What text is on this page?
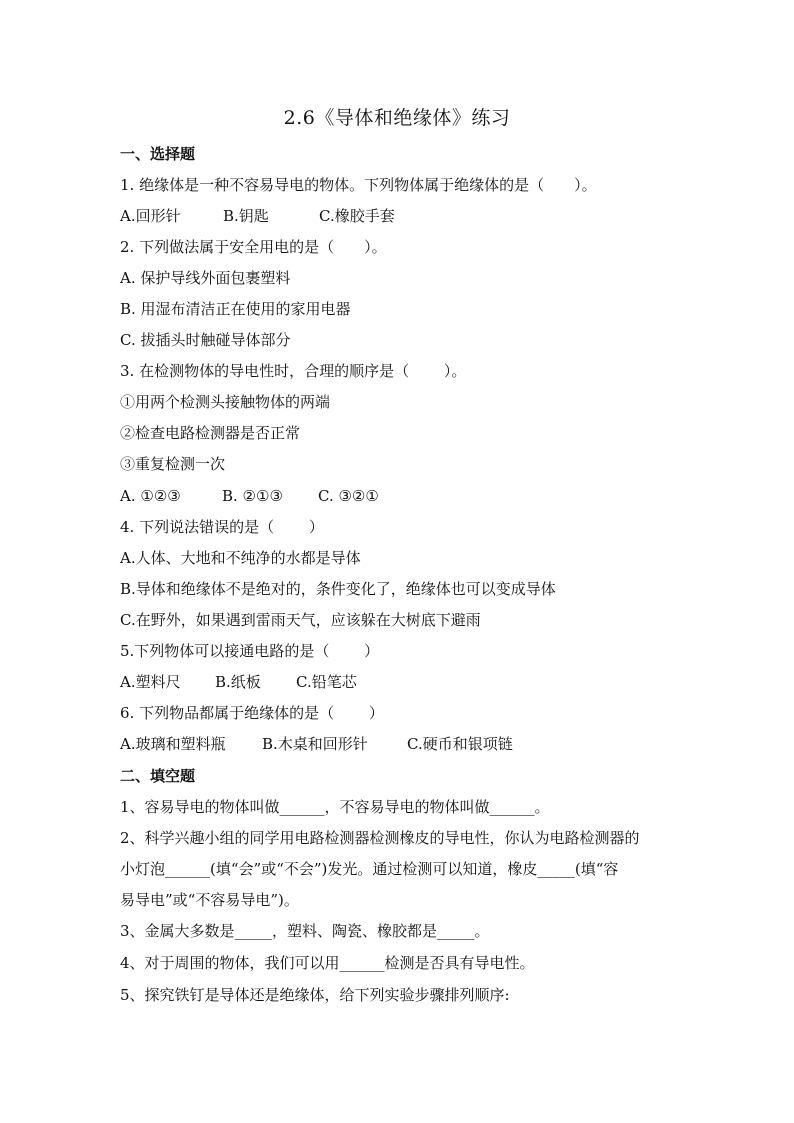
2.6《导体和绝缘体》练习
一、选择题
1. 绝缘体是一种不容易导电的物体。下列物体属于绝缘体的是（　　）。
A.回形针	B.钥匙	C.橡胶手套
2. 下列做法属于安全用电的是（　　）。
A. 保护导线外面包裹塑料
B. 用湿布清洁正在使用的家用电器
C. 拔插头时触碰导体部分
3. 在检测物体的导电性时，合理的顺序是（　　 ）。
①用两个检测头接触物体的两端
②检查电路检测器是否正常
③重复检测一次
A. ①②③	B. ②①③ C. ③②①
4. 下列说法错误的是（　　 ）
A.人体、大地和不纯净的水都是导体
B.导体和绝缘体不是绝对的，条件变化了，绝缘体也可以变成导体
C.在野外，如果遇到雷雨天气，应该躲在大树底下避雨
5.下列物体可以接通电路的是（　　 ）
A.塑料尺 B.纸板 C.铅笔芯
6. 下列物品都属于绝缘体的是（　　 ）
A.玻璃和塑料瓶 B.木桌和回形针	C.硬币和银项链
二、填空题
1、容易导电的物体叫做______，不容易导电的物体叫做______。
2、科学兴趣小组的同学用电路检测器检测橡皮的导电性，你认为电路检测器的
小灯泡______(填“会”或“不会”)发光。通过检测可以知道，橡皮_____(填“容
易导电”或“不容易导电”)。
3、金属大多数是_____，塑料、陶瓷、橡胶都是_____。
4、对于周围的物体，我们可以用______检测是否具有导电性。
5、探究铁钉是导体还是绝缘体，给下列实验步骤排列顺序:
